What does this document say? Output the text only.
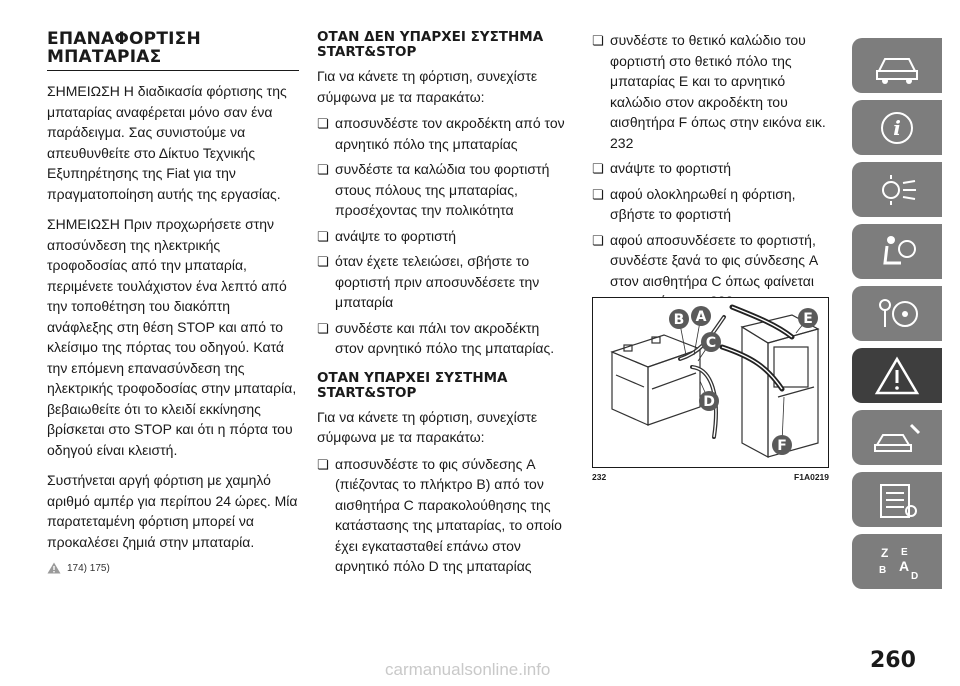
ΕΠΑΝΑΦΟΡΤΙΣΗ ΜΠΑΤΑΡΙΑΣ

ΣΗΜΕΙΩΣΗ Η διαδικασία φόρτισης της μπαταρίας αναφέρεται μόνο σαν ένα παράδειγμα. Σας συνιστούμε να απευθυνθείτε στο Δίκτυο Τεχνικής Εξυπηρέτησης της Fiat για την πραγματοποίηση αυτής της εργασίας.

ΣΗΜΕΙΩΣΗ Πριν προχωρήσετε στην αποσύνδεση της ηλεκτρικής τροφοδοσίας από την μπαταρία, περιμένετε τουλάχιστον ένα λεπτό από την τοποθέτηση του διακόπτη ανάφλεξης στη θέση STOP και από το κλείσιμο της πόρτας του οδηγού. Κατά την επόμενη επανασύνδεση της ηλεκτρικής τροφοδοσίας στην μπαταρία, βεβαιωθείτε ότι το κλειδί εκκίνησης βρίσκεται στο STOP και ότι η πόρτα του οδηγού είναι κλειστή.

Συστήνεται αργή φόρτιση με χαμηλό αριθμό αμπέρ για περίπου 24 ώρες. Μία παρατεταμένη φόρτιση μπορεί να προκαλέσει ζημιά στην μπαταρία.

174) 175)
ΟΤΑΝ ΔΕΝ ΥΠΑΡΧΕΙ ΣΥΣΤΗΜΑ START&STOP

Για να κάνετε τη φόρτιση, συνεχίστε σύμφωνα με τα παρακάτω:

❏ αποσυνδέστε τον ακροδέκτη από τον αρνητικό πόλο της μπαταρίας
❏ συνδέστε τα καλώδια του φορτιστή στους πόλους της μπαταρίας, προσέχοντας την πολικότητα
❏ ανάψτε το φορτιστή
❏ όταν έχετε τελειώσει, σβήστε το φορτιστή πριν αποσυνδέσετε την μπαταρία
❏ συνδέστε και πάλι τον ακροδέκτη στον αρνητικό πόλο της μπαταρίας.
ΟΤΑΝ ΥΠΑΡΧΕΙ ΣΥΣΤΗΜΑ START&STOP

Για να κάνετε τη φόρτιση, συνεχίστε σύμφωνα με τα παρακάτω:

❏ αποσυνδέστε το φις σύνδεσης A (πιέζοντας το πλήκτρο B) από τον αισθητήρα C παρακολούθησης της κατάστασης της μπαταρίας, το οποίο έχει εγκατασταθεί επάνω στον αρνητικό πόλο D της μπαταρίας
❏ συνδέστε το θετικό καλώδιο του φορτιστή στο θετικό πόλο της μπαταρίας E και το αρνητικό καλώδιο στον ακροδέκτη του αισθητήρα F όπως στην εικόνα εικ. 232
❏ ανάψτε το φορτιστή
❏ αφού ολοκληρωθεί η φόρτιση, σβήστε το φορτιστή
❏ αφού αποσυνδέσετε το φορτιστή, συνδέστε ξανά το φις σύνδεσης A στον αισθητήρα C όπως φαίνεται
A
B
C
D
E
F
232	F1A0219
i
Z E
B A
D
260
carmanualsonline.info
